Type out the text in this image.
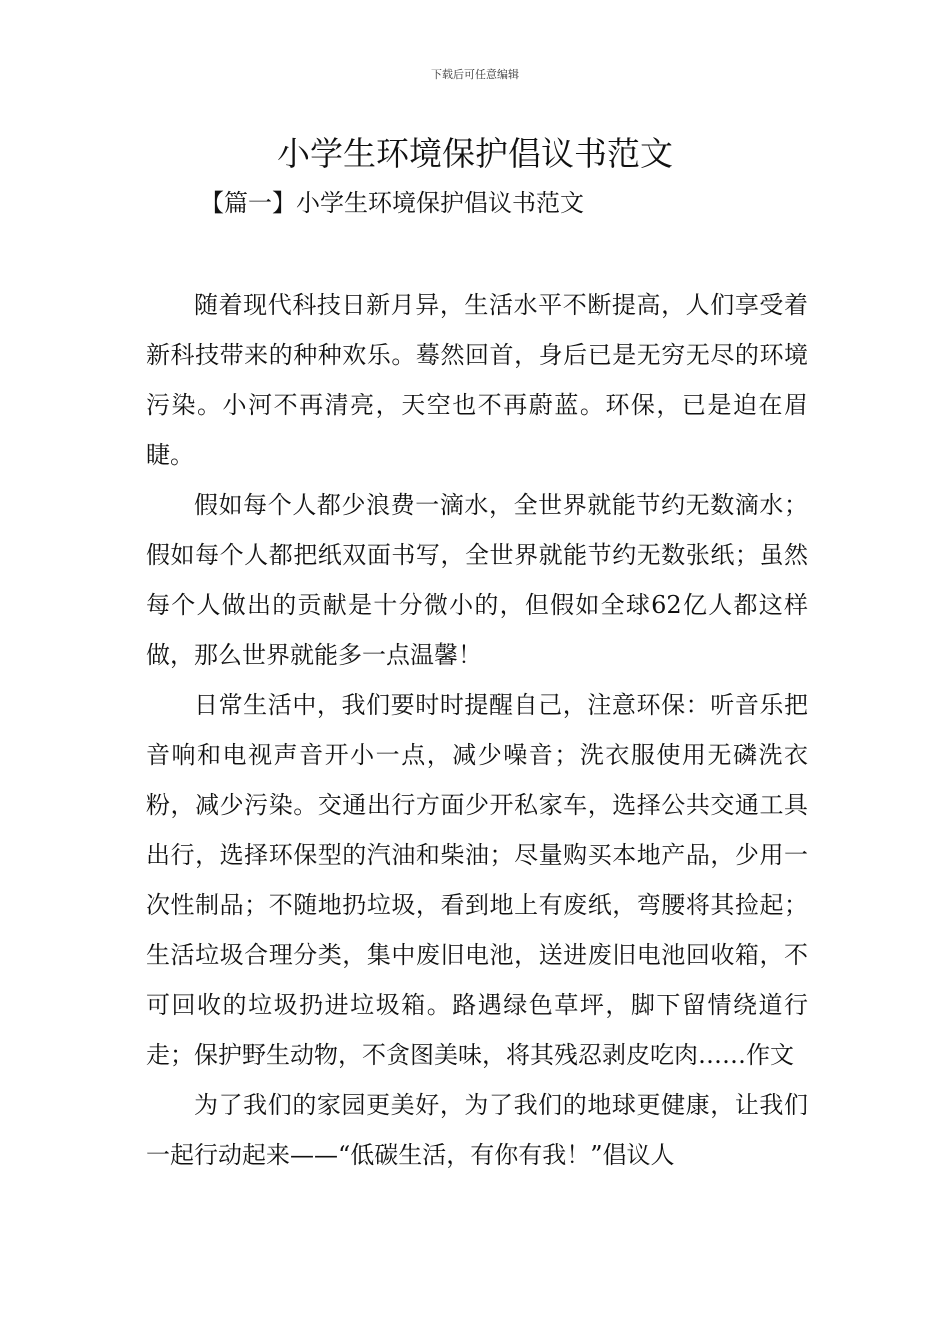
下载后可任意编辑
小学生环境保护倡议书范文
【篇一】小学生环境保护倡议书范文

随着现代科技日新月异，生活水平不断提高，人们享受着新科技带来的种种欢乐。蓦然回首，身后已是无穷无尽的环境污染。小河不再清亮，天空也不再蔚蓝。环保，已是迫在眉睫。

假如每个人都少浪费一滴水，全世界就能节约无数滴水；假如每个人都把纸双面书写，全世界就能节约无数张纸；虽然每个人做出的贡献是十分微小的，但假如全球62亿人都这样做，那么世界就能多一点温馨！

日常生活中，我们要时时提醒自己，注意环保：听音乐把音响和电视声音开小一点，减少噪音；洗衣服使用无磷洗衣粉，减少污染。交通出行方面少开私家车，选择公共交通工具出行，选择环保型的汽油和柴油；尽量购买本地产品，少用一次性制品；不随地扔垃圾，看到地上有废纸，弯腰将其捡起；生活垃圾合理分类，集中废旧电池，送进废旧电池回收箱，不可回收的垃圾扔进垃圾箱。路遇绿色草坪，脚下留情绕道行走；保护野生动物，不贪图美味，将其残忍剥皮吃肉……作文

为了我们的家园更美好，为了我们的地球更健康，让我们一起行动起来——“低碳生活，有你有我！”倡议人
